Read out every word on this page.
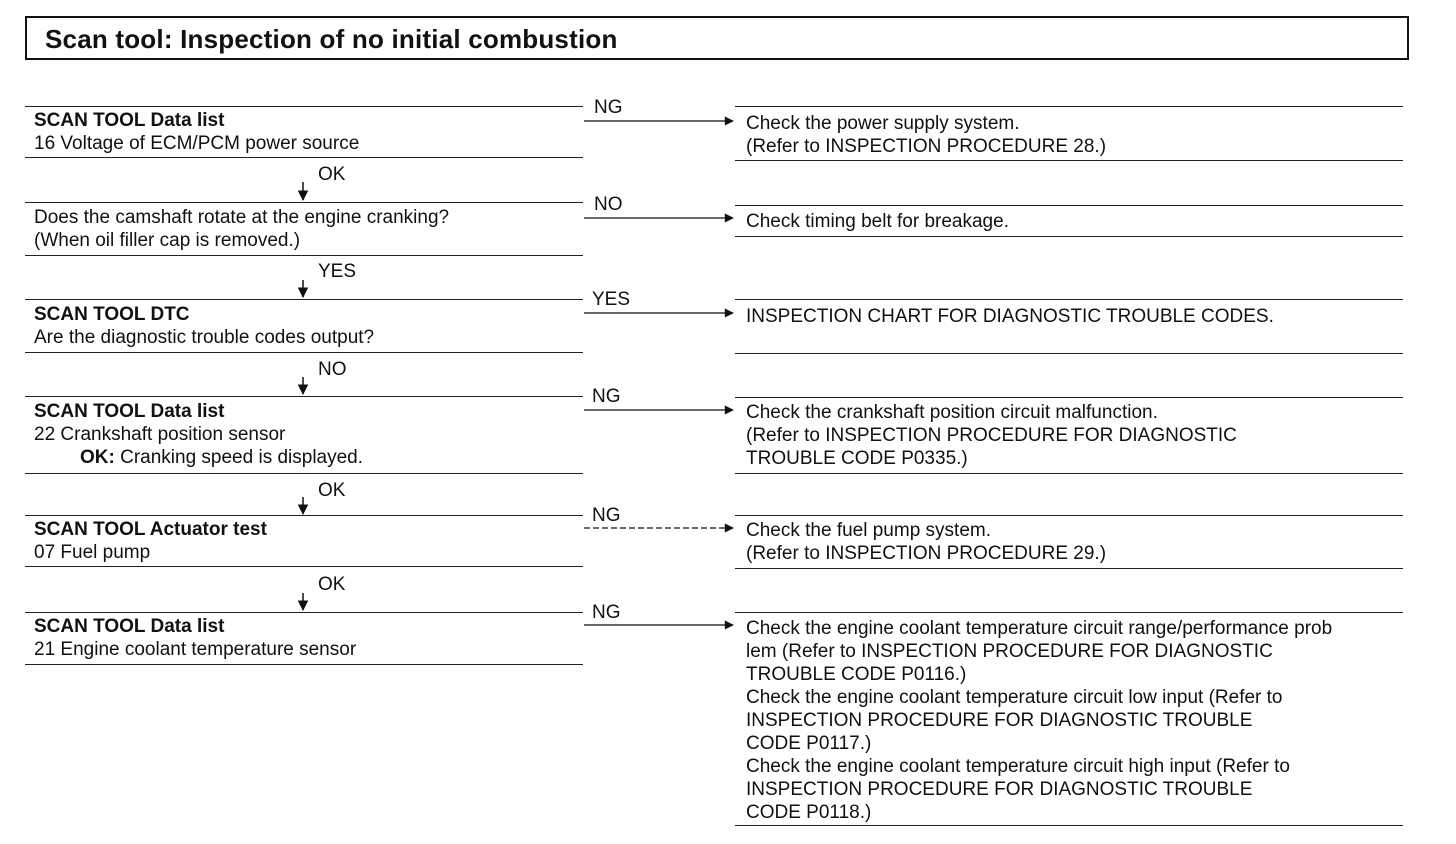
Scan tool: Inspection of no initial combustion
SCAN TOOL Data list
16 Voltage of ECM/PCM power source
NG
Check the power supply system.
(Refer to INSPECTION PROCEDURE 28.)
OK
Does the camshaft rotate at the engine cranking?
(When oil filler cap is removed.)
NO
Check timing belt for breakage.
YES
SCAN TOOL DTC
Are the diagnostic trouble codes output?
YES
INSPECTION CHART FOR DIAGNOSTIC TROUBLE CODES.
NO
SCAN TOOL Data list
22 Crankshaft position sensor
OK: Cranking speed is displayed.
NG
Check the crankshaft position circuit malfunction.
(Refer to INSPECTION PROCEDURE FOR DIAGNOSTIC
TROUBLE CODE P0335.)
OK
SCAN TOOL Actuator test
07 Fuel pump
NG
Check the fuel pump system.
(Refer to INSPECTION PROCEDURE 29.)
OK
SCAN TOOL Data list
21 Engine coolant temperature sensor
NG
Check the engine coolant temperature circuit range/performance prob
lem (Refer to INSPECTION PROCEDURE FOR DIAGNOSTIC
TROUBLE CODE P0116.)
Check the engine coolant temperature circuit low input (Refer to
INSPECTION PROCEDURE FOR DIAGNOSTIC TROUBLE
CODE P0117.)
Check the engine coolant temperature circuit high input (Refer to
INSPECTION PROCEDURE FOR DIAGNOSTIC TROUBLE
CODE P0118.)
